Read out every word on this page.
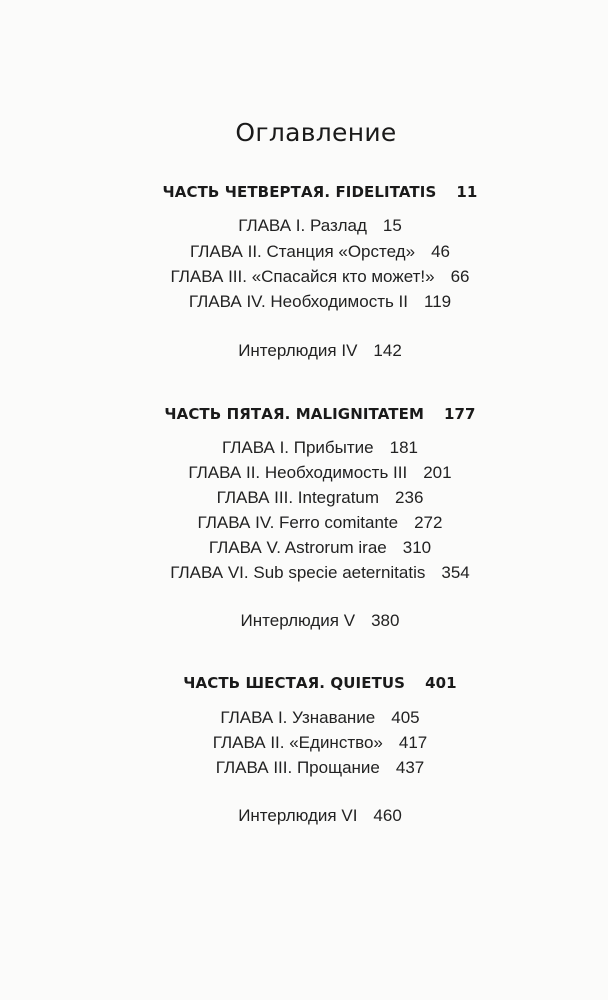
Оглавление
ЧАСТЬ ЧЕТВЕРТАЯ. FIDELITATIS 11
ГЛАВА I. Разлад 15
ГЛАВА II. Станция «Орстед» 46
ГЛАВА III. «Спасайся кто может!» 66
ГЛАВА IV. Необходимость II 119
Интерлюдия IV 142
ЧАСТЬ ПЯТАЯ. MALIGNITATEM 177
ГЛАВА I. Прибытие 181
ГЛАВА II. Необходимость III 201
ГЛАВА III. Integratum 236
ГЛАВА IV. Ferro comitante 272
ГЛАВА V. Astrorum irae 310
ГЛАВА VI. Sub specie aeternitatis 354
Интерлюдия V 380
ЧАСТЬ ШЕСТАЯ. QUIETUS 401
ГЛАВА I. Узнавание 405
ГЛАВА II. «Единство» 417
ГЛАВА III. Прощание 437
Интерлюдия VI 460
